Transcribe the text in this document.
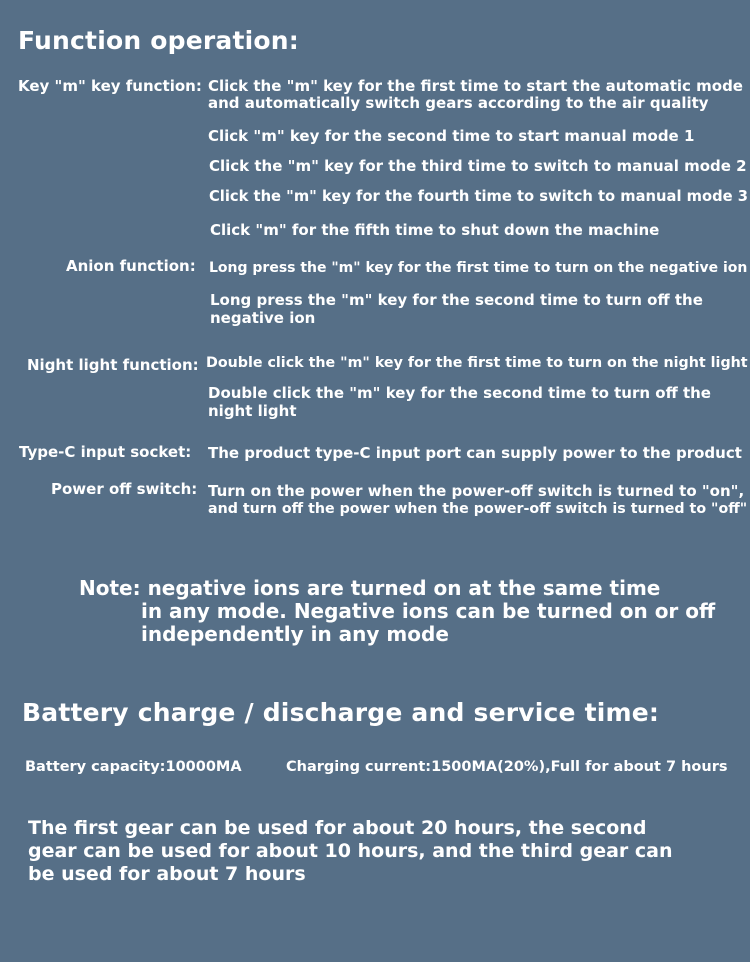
Function operation:
Key "m" key function: Click the "m" key for the first time to start the automatic mode
and automatically switch gears according to the air quality
Click "m" key for the second time to start manual mode 1
Click the "m" key for the third time to switch to manual mode 2
Click the "m" key for the fourth time to switch to manual mode 3
Click "m" for the fifth time to shut down the machine
Anion function: Long press the "m" key for the first time to turn on the negative ion
Long press the "m" key for the second time to turn off the
negative ion
Night light function: Double click the "m" key for the first time to turn on the night light
Double click the "m" key for the second time to turn off the
night light
Type-C input socket: The product type-C input port can supply power to the product
Power off switch: Turn on the power when the power-off switch is turned to "on",
and turn off the power when the power-off switch is turned to "off"
Note: negative ions are turned on at the same time
in any mode. Negative ions can be turned on or off
independently in any mode
Battery charge / discharge and service time:
Battery capacity:10000MA	Charging current:1500MA(20%),Full for about 7 hours
The first gear can be used for about 20 hours, the second
gear can be used for about 10 hours, and the third gear can
be used for about 7 hours
